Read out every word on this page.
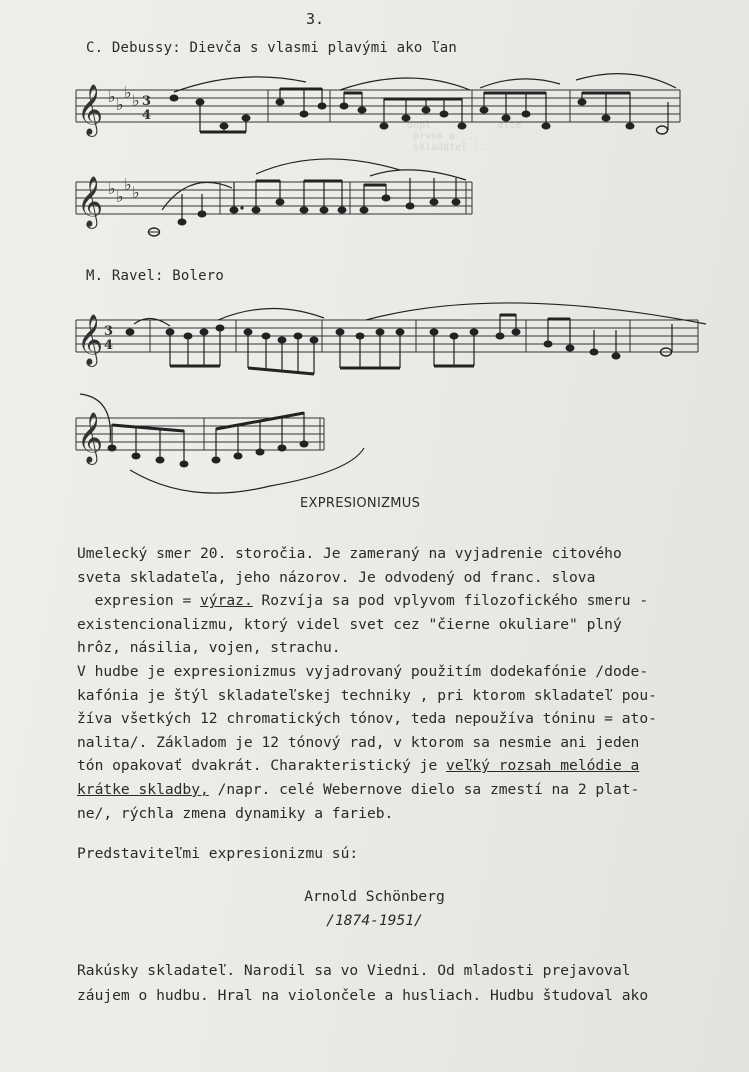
3.
C. Debussy: Dievča s vlasmi plavými ako ľan
𝄞 ♭ ♭
♭ ♭ 3
4
𝄞 ♭ ♭
♭ ♭
M. Ravel: Bolero
𝄞 3
4
𝄞
dopl           alte
prvok a ...
skladateľ ...
EXPRESIONIZMUS
Umelecký smer 20. storočia. Je zameraný na vyjadrenie citového
sveta skladateľa, jeho názorov. Je odvodený od franc. slova
expresion = výraz. Rozvíja sa pod vplyvom filozofického smeru -
existencionalizmu, ktorý videl svet cez "čierne okuliare" plný
hrôz, násilia, vojen, strachu.
V hudbe je expresionizmus vyjadrovaný použitím dodekafónie /dode-
kafónia je štýl skladateľskej techniky , pri ktorom skladateľ pou-
žíva všetkých 12 chromatických tónov, teda nepoužíva tóninu = ato-
nalita/. Základom je 12 tónový rad, v ktorom sa nesmie ani jeden
tón opakovať dvakrát. Charakteristický je veľký rozsah melódie a
krátke skladby, /napr. celé Webernove dielo sa zmestí na 2 plat-
ne/, rýchla zmena dynamiky a farieb.
Predstaviteľmi expresionizmu sú:
Arnold Schönberg
/1874-1951/
Rakúsky skladateľ. Narodil sa vo Viedni. Od mladosti prejavoval
záujem o hudbu. Hral na violončele a husliach. Hudbu študoval ako
